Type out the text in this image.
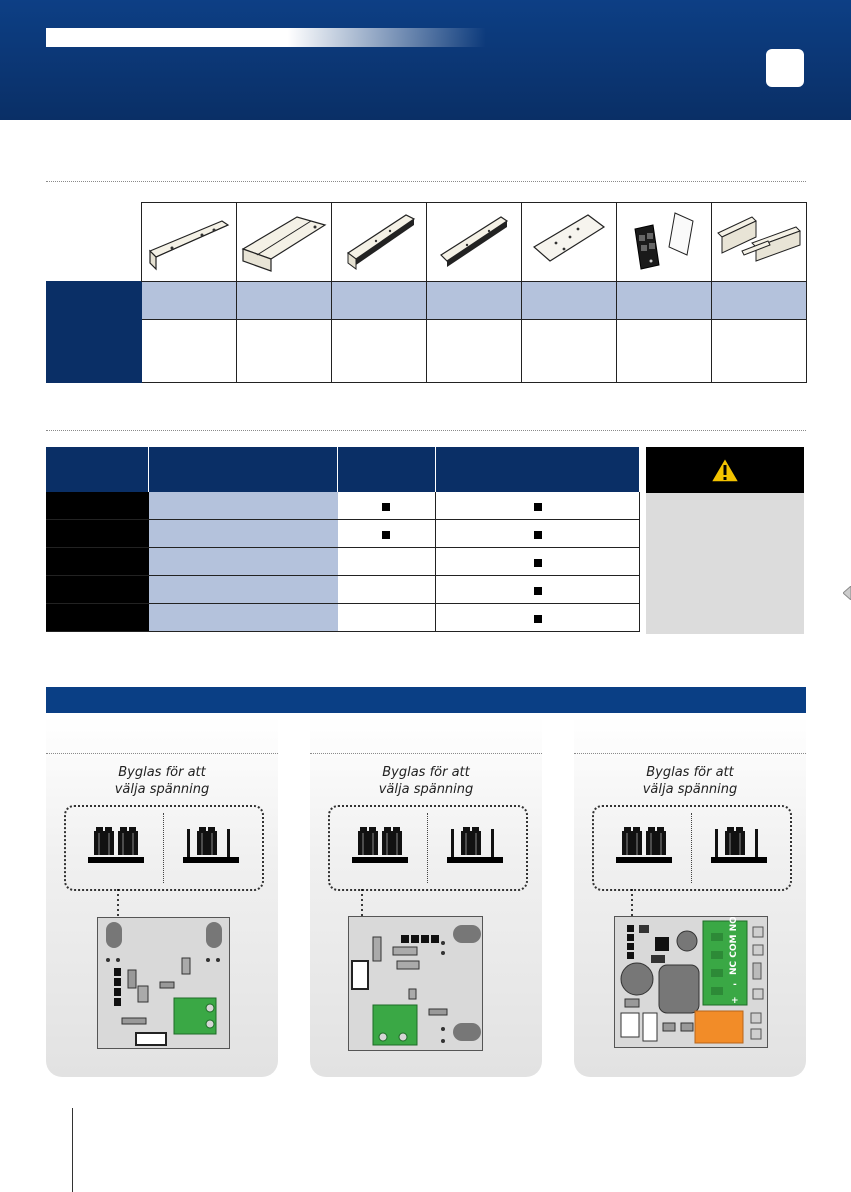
Byglas för att
välja spänning
Byglas för att
välja spänning
Byglas för att
välja spänning
NC COM NO
-
+
